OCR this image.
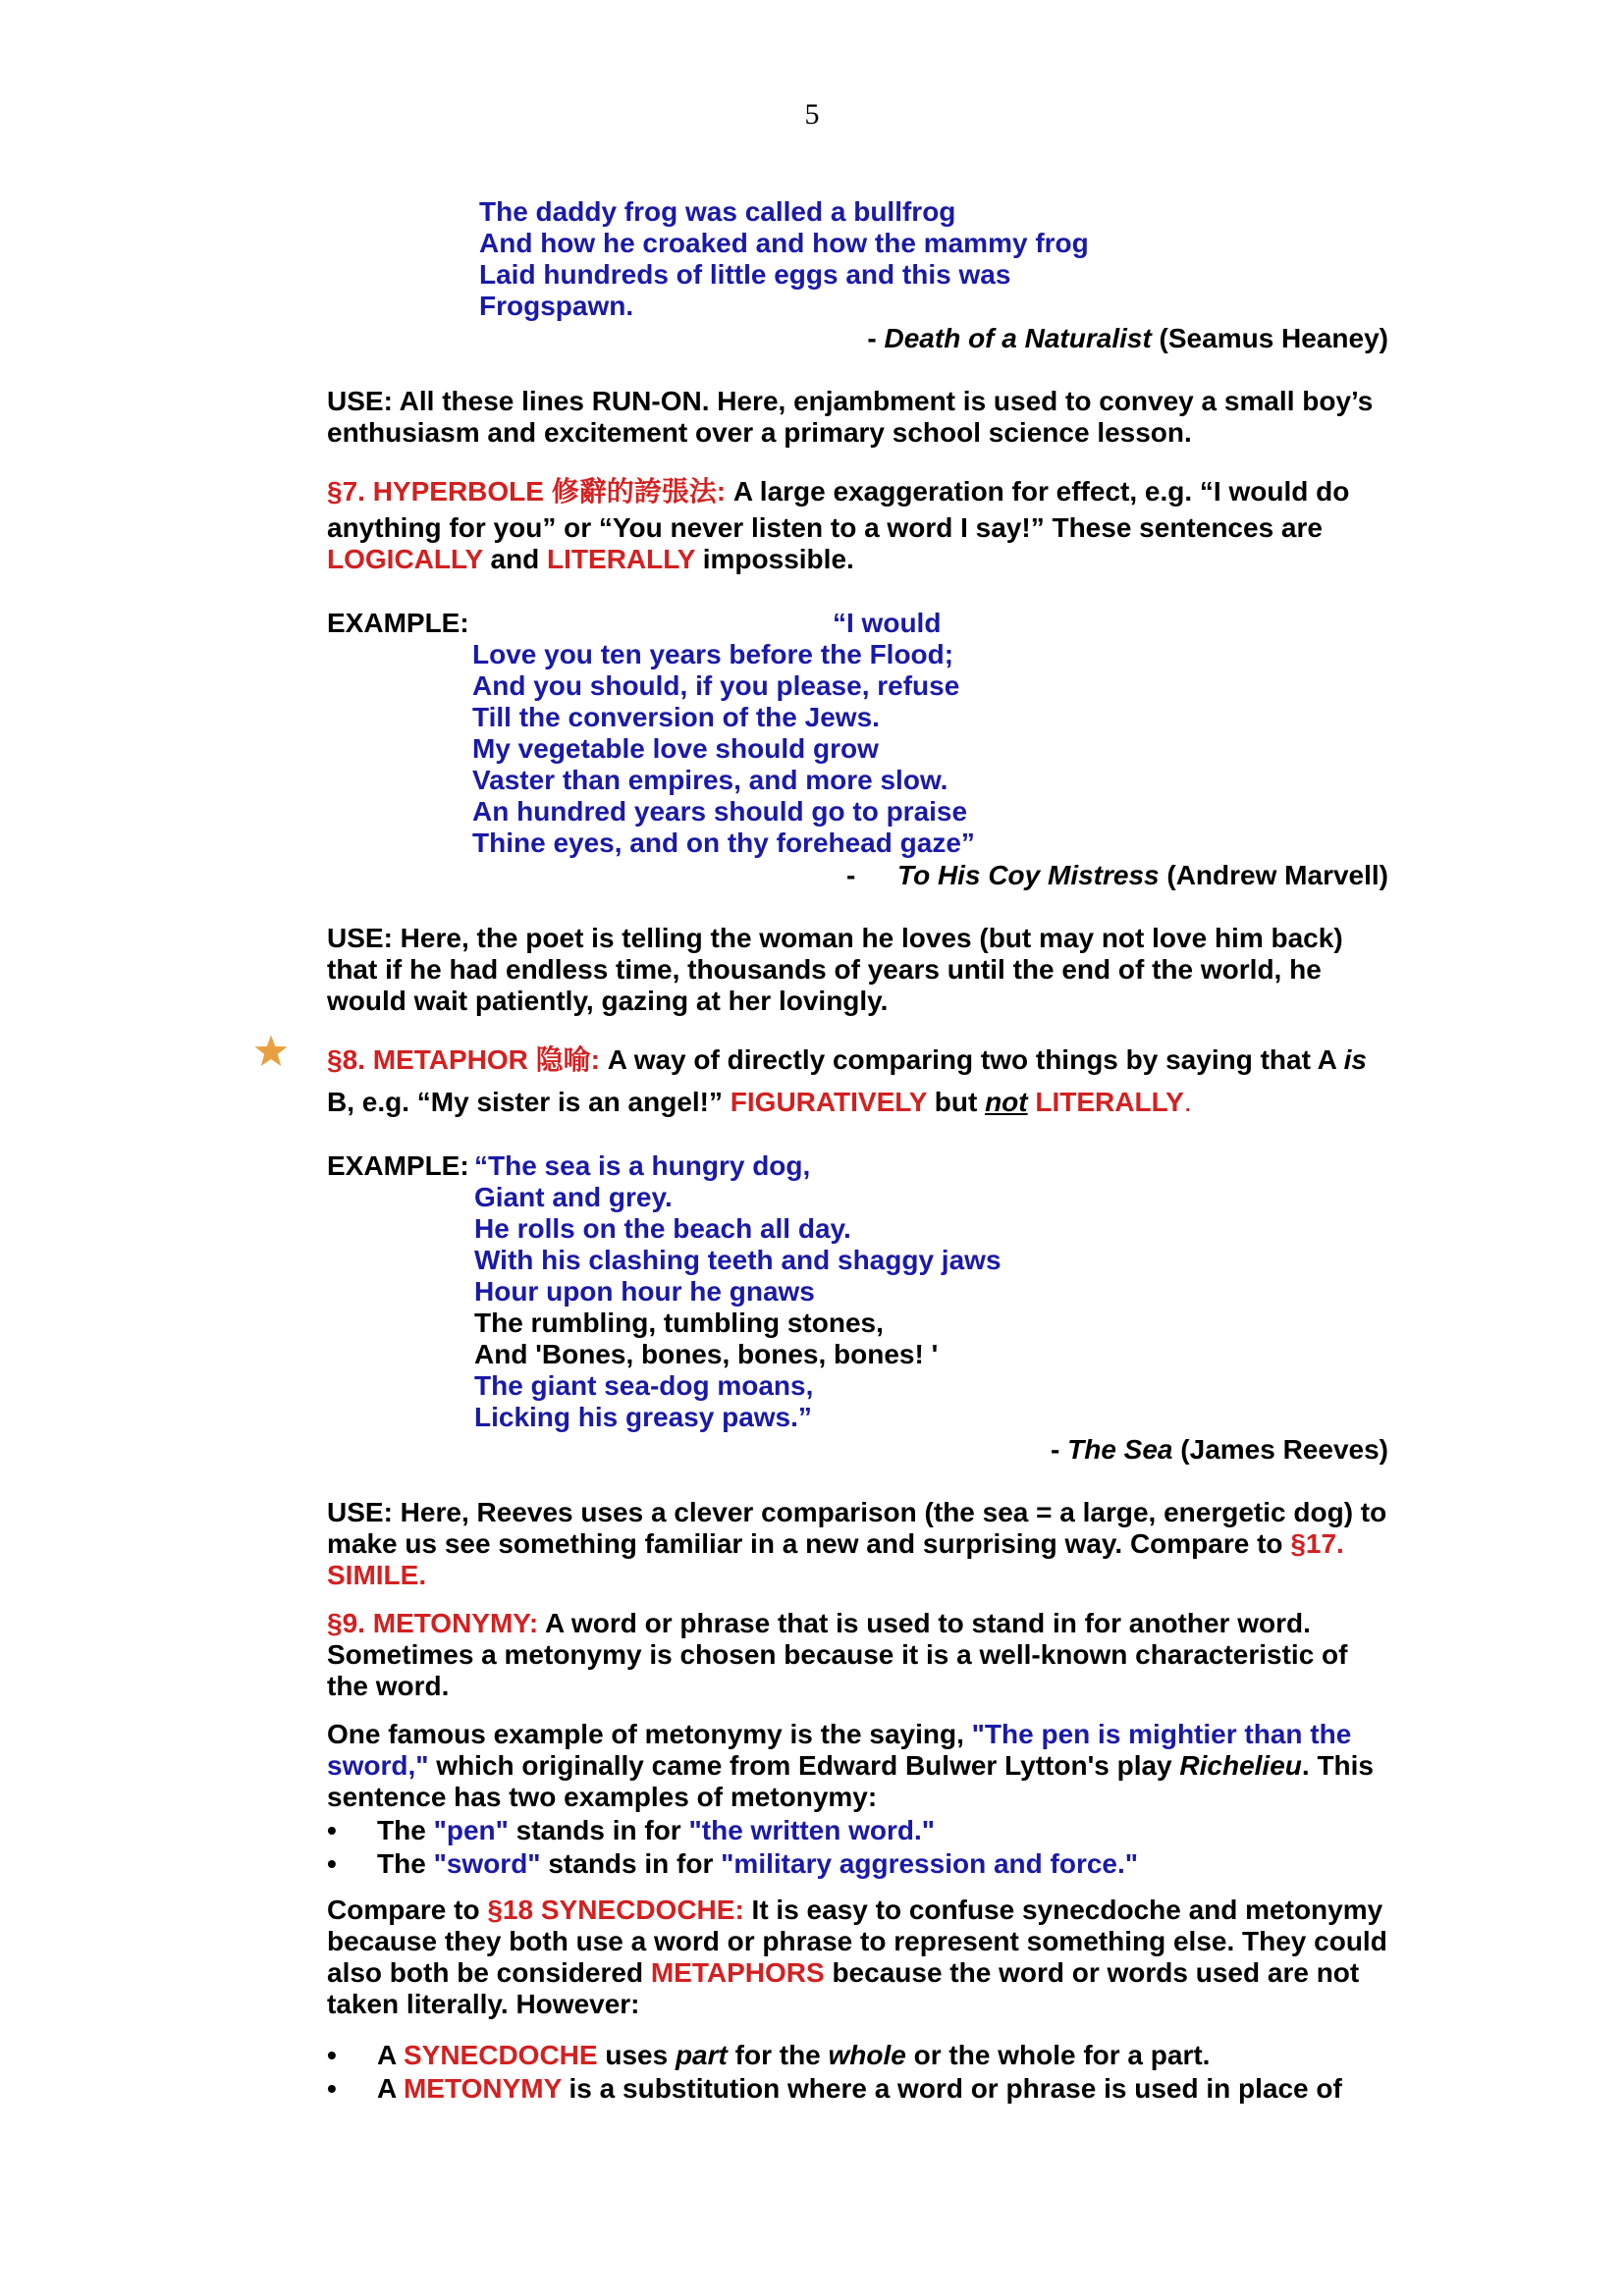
5
The daddy frog was called a bullfrog
And how he croaked and how the mammy frog
Laid hundreds of little eggs and this was
Frogspawn.
- Death of a Naturalist (Seamus Heaney)
USE: All these lines RUN-ON. Here, enjambment is used to convey a small boy’s
enthusiasm and excitement over a primary school science lesson.
§7. HYPERBOLE 修辭的誇張法: A large exaggeration for effect, e.g. “I would do
anything for you” or “You never listen to a word I say!” These sentences are
LOGICALLY and LITERALLY impossible.
EXAMPLE:	“I would
Love you ten years before the Flood;
And you should, if you please, refuse
Till the conversion of the Jews.
My vegetable love should grow
Vaster than empires, and more slow.
An hundred years should go to praise
Thine eyes, and on thy forehead gaze”
- To His Coy Mistress (Andrew Marvell)
USE: Here, the poet is telling the woman he loves (but may not love him back)
that if he had endless time, thousands of years until the end of the world, he
would wait patiently, gazing at her lovingly.
§8. METAPHOR 隐喻: A way of directly comparing two things by saying that A is
B, e.g. “My sister is an angel!” FIGURATIVELY but not LITERALLY.
EXAMPLE: “The sea is a hungry dog,
Giant and grey.
He rolls on the beach all day.
With his clashing teeth and shaggy jaws
Hour upon hour he gnaws
The rumbling, tumbling stones,
And 'Bones, bones, bones, bones! '
The giant sea-dog moans,
Licking his greasy paws.”
- The Sea (James Reeves)
USE: Here, Reeves uses a clever comparison (the sea = a large, energetic dog) to
make us see something familiar in a new and surprising way. Compare to §17.
SIMILE.
§9. METONYMY: A word or phrase that is used to stand in for another word.
Sometimes a metonymy is chosen because it is a well-known characteristic of
the word.
One famous example of metonymy is the saying, "The pen is mightier than the
sword," which originally came from Edward Bulwer Lytton's play Richelieu. This
sentence has two examples of metonymy:
• The "pen" stands in for "the written word."
• The "sword" stands in for "military aggression and force."
Compare to §18 SYNECDOCHE: It is easy to confuse synecdoche and metonymy
because they both use a word or phrase to represent something else. They could
also both be considered METAPHORS because the word or words used are not
taken literally. However:
• A SYNECDOCHE uses part for the whole or the whole for a part.
• A METONYMY is a substitution where a word or phrase is used in place of
